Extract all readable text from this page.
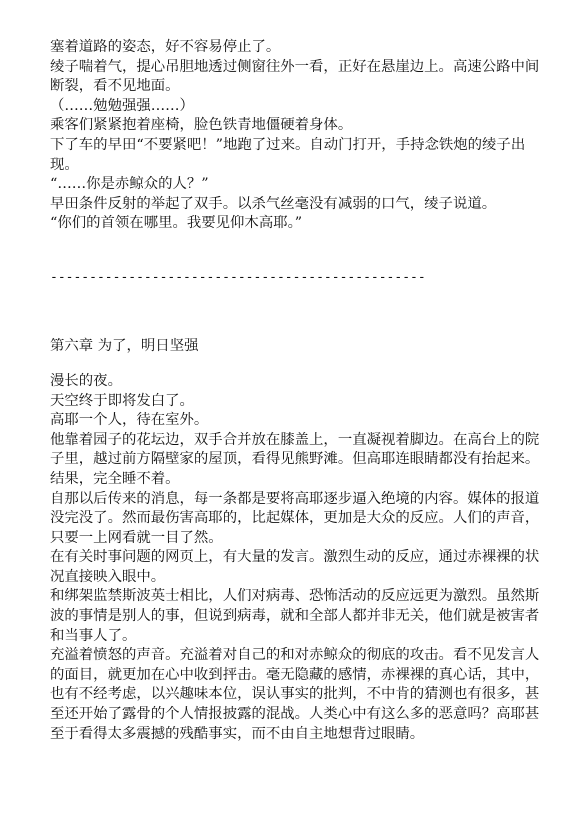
塞着道路的姿态，好不容易停止了。

绫子喘着气，提心吊胆地透过侧窗往外一看，正好在悬崖边上。高速公路中间断裂，看不见地面。

（……勉勉强强……）

乘客们紧紧抱着座椅，脸色铁青地僵硬着身体。

下了车的早田“不要紧吧！”地跑了过来。自动门打开，手持念铁炮的绫子出现。

“……你是赤鲸众的人？”

早田条件反射的举起了双手。以杀气丝毫没有减弱的口气，绫子说道。

“你们的首领在哪里。我要见仰木高耶。”

------------------------------------------------
第六章 为了，明日坚强

漫长的夜。

天空终于即将发白了。

高耶一个人，待在室外。

他靠着园子的花坛边，双手合并放在膝盖上，一直凝视着脚边。在高台上的院子里，越过前方隔壁家的屋顶，看得见熊野滩。但高耶连眼睛都没有抬起来。

结果，完全睡不着。

自那以后传来的消息，每一条都是要将高耶逐步逼入绝境的内容。媒体的报道没完没了。然而最伤害高耶的，比起媒体，更加是大众的反应。人们的声音，只要一上网看就一目了然。

在有关时事问题的网页上，有大量的发言。激烈生动的反应，通过赤裸裸的状况直接映入眼中。

和绑架监禁斯波英士相比，人们对病毒、恐怖活动的反应远更为激烈。虽然斯波的事情是别人的事，但说到病毒，就和全部人都并非无关，他们就是被害者和当事人了。

充溢着愤怒的声音。充溢着对自己的和对赤鲸众的彻底的攻击。看不见发言人的面目，就更加在心中收到抨击。毫无隐藏的感情，赤裸裸的真心话，其中，也有不经考虑，以兴趣味本位，误认事实的批判，不中肯的猜测也有很多，甚至还开始了露骨的个人情报披露的混战。人类心中有这么多的恶意吗？高耶甚至于看得太多震撼的残酷事实，而不由自主地想背过眼睛。
